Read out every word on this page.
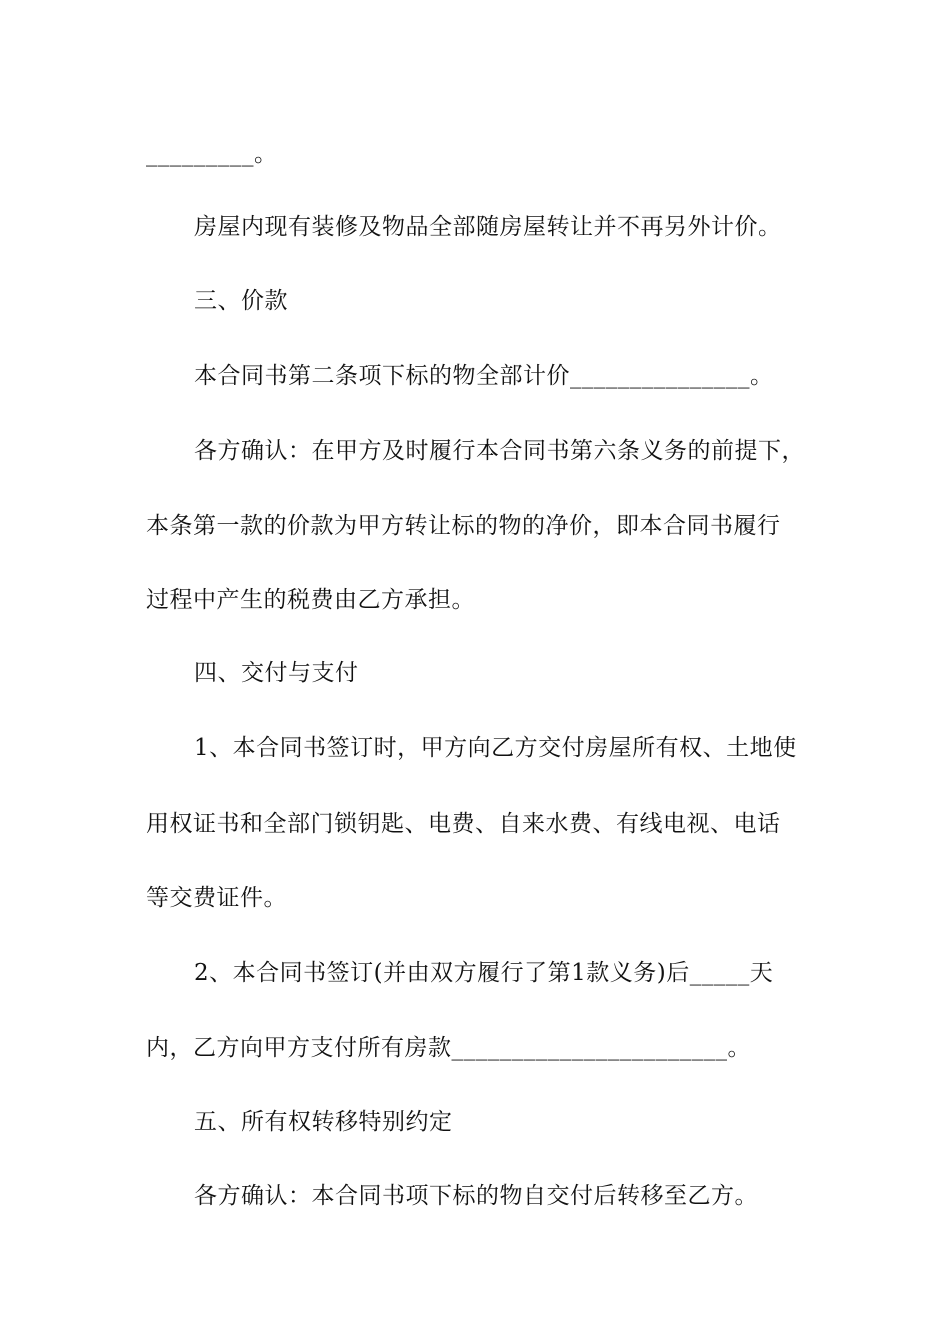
_________。
房屋内现有装修及物品全部随房屋转让并不再另外计价。
三、价款
本合同书第二条项下标的物全部计价_______________。
各方确认：在甲方及时履行本合同书第六条义务的前提下，
本条第一款的价款为甲方转让标的物的净价，即本合同书履行
过程中产生的税费由乙方承担。
四、交付与支付
1、本合同书签订时，甲方向乙方交付房屋所有权、土地使
用权证书和全部门锁钥匙、电费、自来水费、有线电视、电话
等交费证件。
2、本合同书签订(并由双方履行了第1款义务)后_____天
内，乙方向甲方支付所有房款_______________________。
五、所有权转移特别约定
各方确认：本合同书项下标的物自交付后转移至乙方。
